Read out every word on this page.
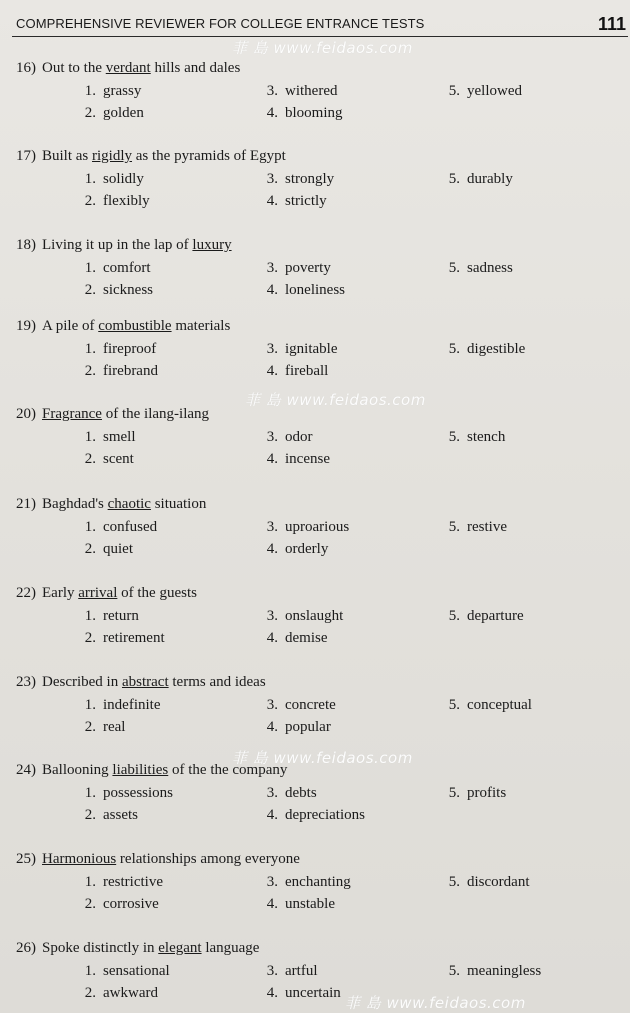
COMPREHENSIVE REVIEWER FOR COLLEGE ENTRANCE TESTS	111
菲 島 www.feidaos.com
菲 島 www.feidaos.com
菲 島 www.feidaos.com
菲 島 www.feidaos.com
16) Out to the verdant hills and dales
1. grassy
2. golden
3. withered
4. blooming
5. yellowed
17) Built as rigidly as the pyramids of Egypt
1. solidly
2. flexibly
3. strongly
4. strictly
5. durably
18) Living it up in the lap of luxury
1. comfort
2. sickness
3. poverty
4. loneliness
5. sadness
19) A pile of combustible materials
1. fireproof
2. firebrand
3. ignitable
4. fireball
5. digestible
20) Fragrance of the ilang-ilang
1. smell
2. scent
3. odor
4. incense
5. stench
21) Baghdad's chaotic situation
1. confused
2. quiet
3. uproarious
4. orderly
5. restive
22) Early arrival of the guests
1. return
2. retirement
3. onslaught
4. demise
5. departure
23) Described in abstract terms and ideas
1. indefinite
2. real
3. concrete
4. popular
5. conceptual
24) Ballooning liabilities of the the company
1. possessions
2. assets
3. debts
4. depreciations
5. profits
25) Harmonious relationships among everyone
1. restrictive
2. corrosive
3. enchanting
4. unstable
5. discordant
26) Spoke distinctly in elegant language
1. sensational
2. awkward
3. artful
4. uncertain
5. meaningless
